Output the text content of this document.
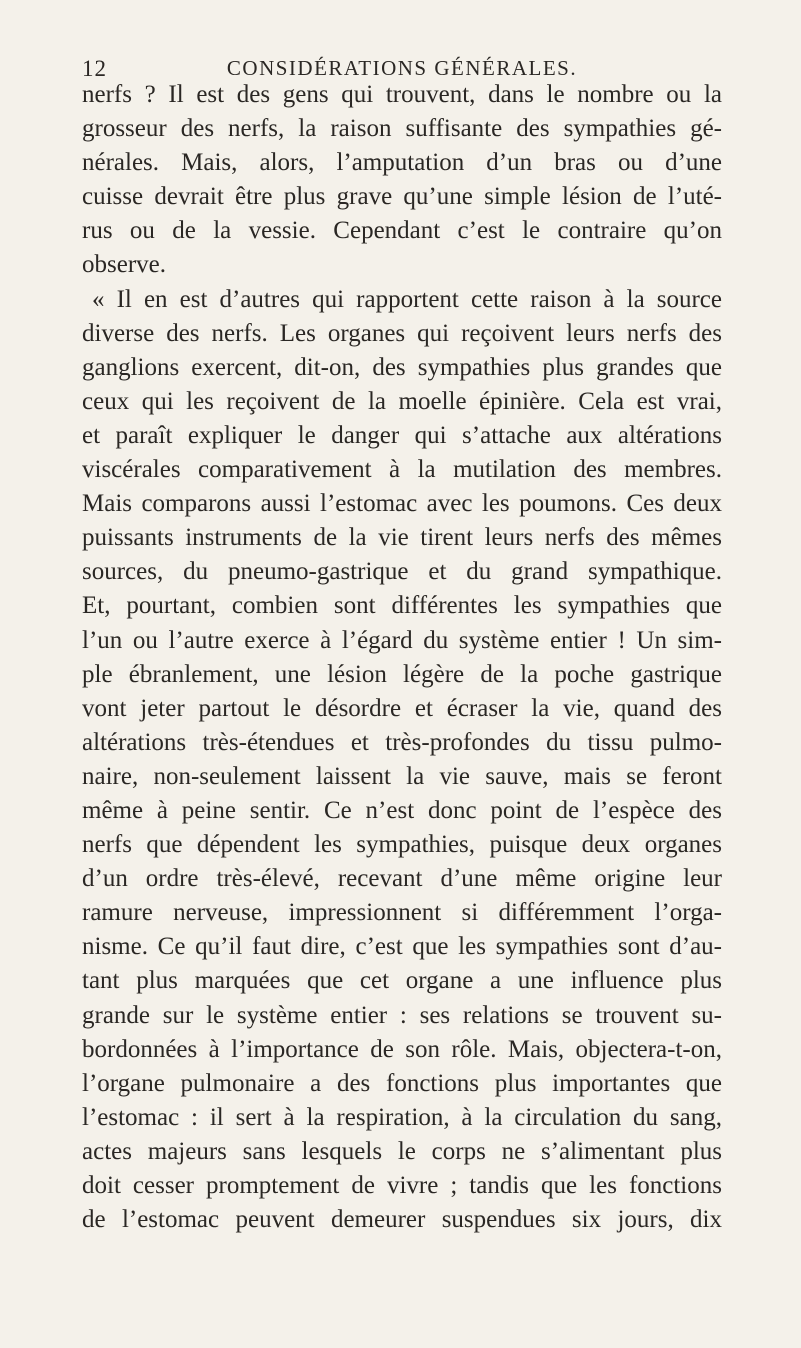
12	CONSIDÉRATIONS GÉNÉRALES.
nerfs ? Il est des gens qui trouvent, dans le nombre ou la
grosseur des nerfs, la raison suffisante des sympathies gé-
nérales. Mais, alors, l’amputation d’un bras ou d’une
cuisse devrait être plus grave qu’une simple lésion de l’uté-
rus ou de la vessie. Cependant c’est le contraire qu’on
observe.
« Il en est d’autres qui rapportent cette raison à la source
diverse des nerfs. Les organes qui reçoivent leurs nerfs des
ganglions exercent, dit-on, des sympathies plus grandes que
ceux qui les reçoivent de la moelle épinière. Cela est vrai,
et paraît expliquer le danger qui s’attache aux altérations
viscérales comparativement à la mutilation des membres.
Mais comparons aussi l’estomac avec les poumons. Ces deux
puissants instruments de la vie tirent leurs nerfs des mêmes
sources, du pneumo-gastrique et du grand sympathique.
Et, pourtant, combien sont différentes les sympathies que
l’un ou l’autre exerce à l’égard du système entier ! Un sim-
ple ébranlement, une lésion légère de la poche gastrique
vont jeter partout le désordre et écraser la vie, quand des
altérations très-étendues et très-profondes du tissu pulmo-
naire, non-seulement laissent la vie sauve, mais se feront
même à peine sentir. Ce n’est donc point de l’espèce des
nerfs que dépendent les sympathies, puisque deux organes
d’un ordre très-élevé, recevant d’une même origine leur
ramure nerveuse, impressionnent si différemment l’orga-
nisme. Ce qu’il faut dire, c’est que les sympathies sont d’au-
tant plus marquées que cet organe a une influence plus
grande sur le système entier : ses relations se trouvent su-
bordonnées à l’importance de son rôle. Mais, objectera-t-on,
l’organe pulmonaire a des fonctions plus importantes que
l’estomac : il sert à la respiration, à la circulation du sang,
actes majeurs sans lesquels le corps ne s’alimentant plus
doit cesser promptement de vivre ; tandis que les fonctions
de l’estomac peuvent demeurer suspendues six jours, dix
